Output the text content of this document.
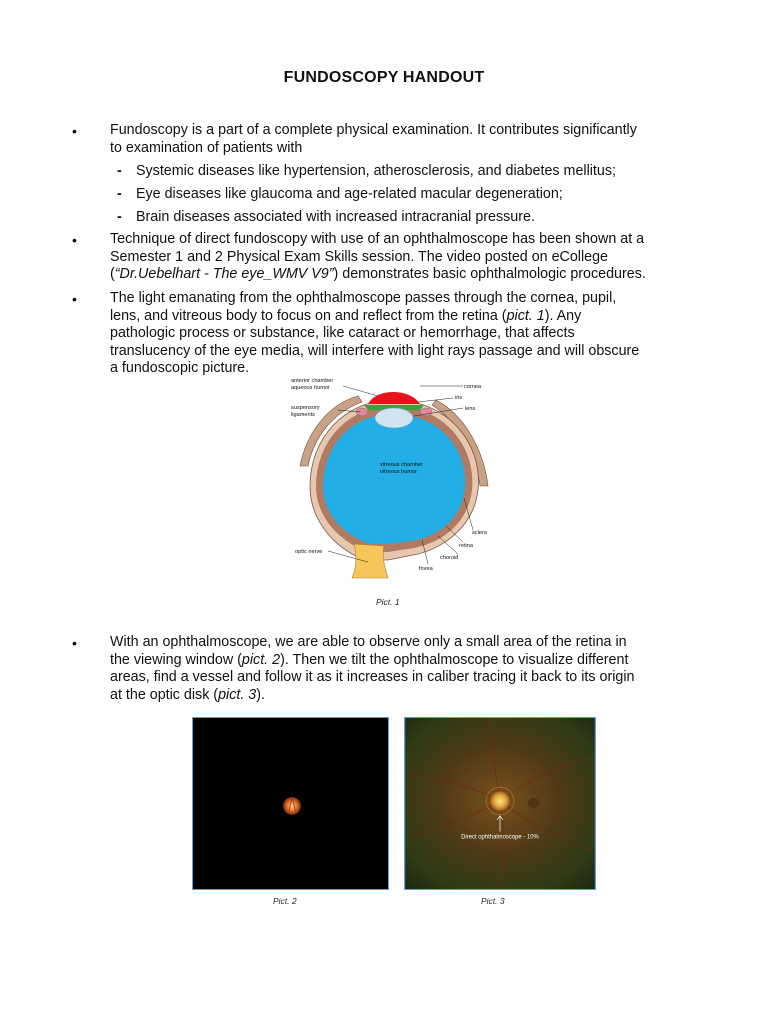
FUNDOSCOPY HANDOUT
• Fundoscopy is a part of a complete physical examination. It contributes significantly
to examination of patients with
- Systemic diseases like hypertension, atherosclerosis, and diabetes mellitus;
- Eye diseases like glaucoma and age-related macular degeneration;
- Brain diseases associated with increased intracranial pressure.
• Technique of direct fundoscopy with use of an ophthalmoscope has been shown at a
Semester 1 and 2 Physical Exam Skills session. The video posted on eCollege
(“Dr.Uebelhart - The eye_WMV V9”) demonstrates basic ophthalmologic procedures.
• The light emanating from the ophthalmoscope passes through the cornea, pupil,
lens, and vitreous body to focus on and reflect from the retina (pict. 1). Any
pathologic process or substance, like cataract or hemorrhage, that affects
translucency of the eye media, will interfere with light rays passage and will obscure
a fundoscopic picture.
anterior chamber
aqueous humor
suspensory
ligaments
cornea
iris
lens
vitreous chamber
vitreous humor
sclera
retina
choroid
fovea
optic nerve
Pict. 1
• With an ophthalmoscope, we are able to observe only a small area of the retina in
the viewing window (pict. 2). Then we tilt the ophthalmoscope to visualize different
areas, find a vessel and follow it as it increases in caliber tracing it back to its origin
at the optic disk (pict. 3).
Pict. 2
Direct ophthalmoscope - 10%
Pict. 3
